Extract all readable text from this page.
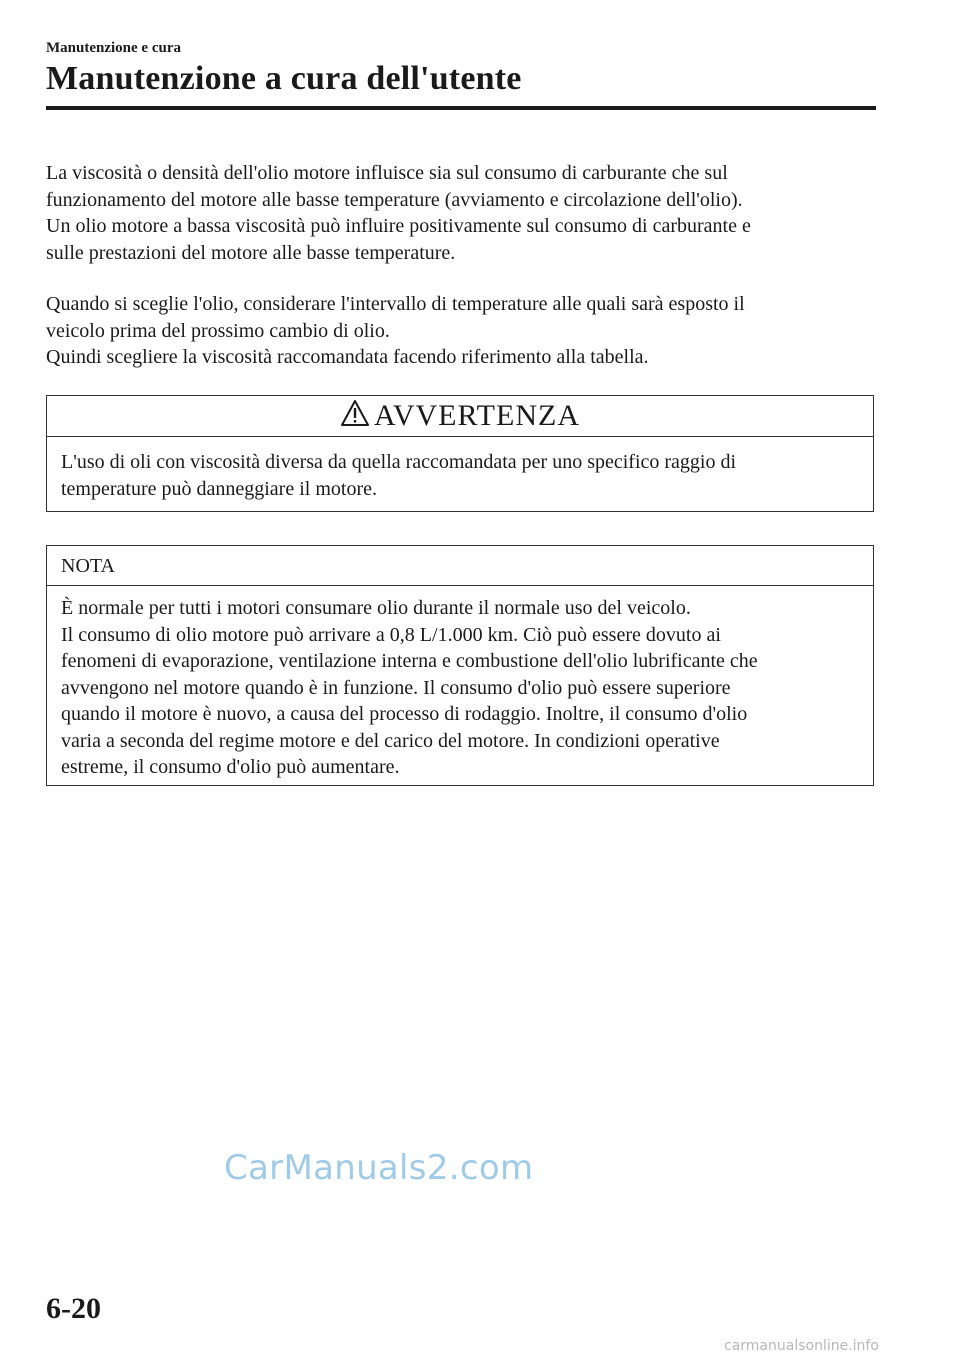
Manutenzione e cura
Manutenzione a cura dell'utente

La viscosità o densità dell'olio motore influisce sia sul consumo di carburante che sul

funzionamento del motore alle basse temperature (avviamento e circolazione dell'olio).

Un olio motore a bassa viscosità può influire positivamente sul consumo di carburante e

sulle prestazioni del motore alle basse temperature.

Quando si sceglie l'olio, considerare l'intervallo di temperature alle quali sarà esposto il

veicolo prima del prossimo cambio di olio.

Quindi scegliere la viscosità raccomandata facendo riferimento alla tabella.

AVVERTENZA

L'uso di oli con viscosità diversa da quella raccomandata per uno specifico raggio di

temperature può danneggiare il motore.

NOTA

È normale per tutti i motori consumare olio durante il normale uso del veicolo.

Il consumo di olio motore può arrivare a 0,8 L/1.000 km. Ciò può essere dovuto ai

fenomeni di evaporazione, ventilazione interna e combustione dell'olio lubrificante che

avvengono nel motore quando è in funzione. Il consumo d'olio può essere superiore

quando il motore è nuovo, a causa del processo di rodaggio. Inoltre, il consumo d'olio

varia a seconda del regime motore e del carico del motore. In condizioni operative

estreme, il consumo d'olio può aumentare.

CarManuals2.com
6-20
carmanualsonline.info
